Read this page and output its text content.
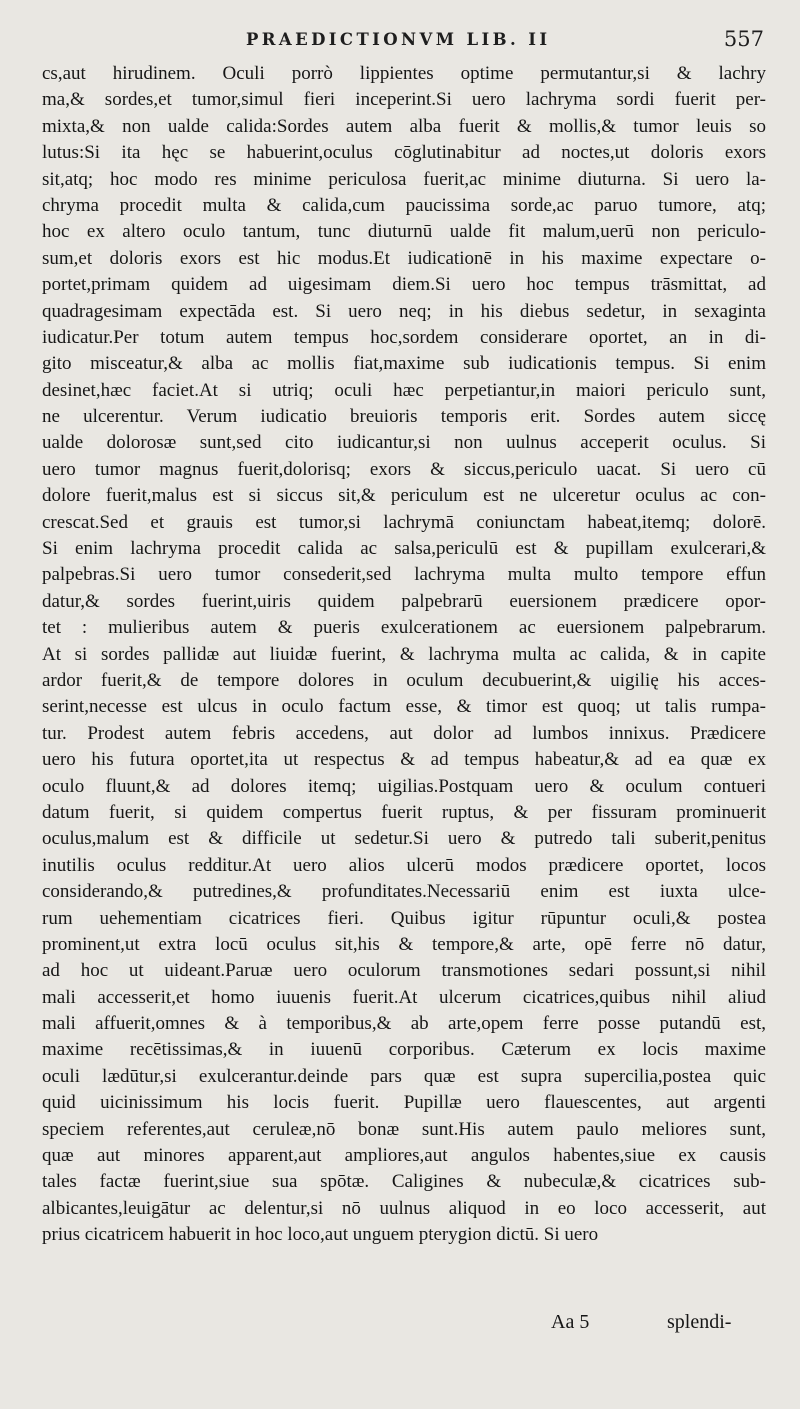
PRAEDICTIONVM LIB. II	557
cs,aut hirudinem. Oculi porrò lippientes optime permutantur,si & lachry
ma,& sordes,et tumor,simul fieri inceperint.Si uero lachryma sordi fuerit per-
mixta,& non ualde calida:Sordes autem alba fuerit & mollis,& tumor leuis so
lutus:Si ita hęc se habuerint,oculus cōglutinabitur ad noctes,ut doloris exors
sit,atq; hoc modo res minime periculosa fuerit,ac minime diuturna. Si uero la-
chryma procedit multa & calida,cum paucissima sorde,ac paruo tumore, atq;
hoc ex altero oculo tantum, tunc diuturnū ualde fit malum,uerū non periculo-
sum,et doloris exors est hic modus.Et iudicationē in his maxime expectare o-
portet,primam quidem ad uigesimam diem.Si uero hoc tempus trāsmittat, ad
quadragesimam expectāda est. Si uero neq; in his diebus sedetur, in sexaginta
iudicatur.Per totum autem tempus hoc,sordem considerare oportet, an in di-
gito misceatur,& alba ac mollis fiat,maxime sub iudicationis tempus. Si enim
desinet,hæc faciet.At si utriq; oculi hæc perpetiantur,in maiori periculo sunt,
ne ulcerentur. Verum iudicatio breuioris temporis erit. Sordes autem siccę
ualde dolorosæ sunt,sed cito iudicantur,si non uulnus acceperit oculus. Si
uero tumor magnus fuerit,dolorisq; exors & siccus,periculo uacat. Si uero cū
dolore fuerit,malus est si siccus sit,& periculum est ne ulceretur oculus ac con-
crescat.Sed et grauis est tumor,si lachrymā coniunctam habeat,itemq; dolorē.
Si enim lachryma procedit calida ac salsa,periculū est & pupillam exulcerari,&
palpebras.Si uero tumor consederit,sed lachryma multa multo tempore effun
datur,& sordes fuerint,uiris quidem palpebrarū euersionem prædicere opor-
tet : mulieribus autem & pueris exulcerationem ac euersionem palpebrarum.
At si sordes pallidæ aut liuidæ fuerint, & lachryma multa ac calida, & in capite
ardor fuerit,& de tempore dolores in oculum decubuerint,& uigilię his acces-
serint,necesse est ulcus in oculo factum esse, & timor est quoq; ut talis rumpa-
tur. Prodest autem febris accedens, aut dolor ad lumbos innixus. Prædicere
uero his futura oportet,ita ut respectus & ad tempus habeatur,& ad ea quæ ex
oculo fluunt,& ad dolores itemq; uigilias.Postquam uero & oculum contueri
datum fuerit, si quidem compertus fuerit ruptus, & per fissuram prominuerit
oculus,malum est & difficile ut sedetur.Si uero & putredo tali suberit,penitus
inutilis oculus redditur.At uero alios ulcerū modos prædicere oportet, locos
considerando,& putredines,& profunditates.Necessariū enim est iuxta ulce-
rum uehementiam cicatrices fieri. Quibus igitur rūpuntur oculi,& postea
prominent,ut extra locū oculus sit,his & tempore,& arte, opē ferre nō datur,
ad hoc ut uideant.Paruæ uero oculorum transmotiones sedari possunt,si nihil
mali accesserit,et homo iuuenis fuerit.At ulcerum cicatrices,quibus nihil aliud
mali affuerit,omnes & à temporibus,& ab arte,opem ferre posse putandū est,
maxime recētissimas,& in iuuenū corporibus. Cæterum ex locis maxime
oculi lædūtur,si exulcerantur.deinde pars quæ est supra supercilia,postea quic
quid uicinissimum his locis fuerit. Pupillæ uero flauescentes, aut argenti
speciem referentes,aut ceruleæ,nō bonæ sunt.His autem paulo meliores sunt,
quæ aut minores apparent,aut ampliores,aut angulos habentes,siue ex causis
tales factæ fuerint,siue sua spōtæ. Caligines & nubeculæ,& cicatrices sub-
albicantes,leuigātur ac delentur,si nō uulnus aliquod in eo loco accesserit, aut
prius cicatricem habuerit in hoc loco,aut unguem pterygion dictū. Si uero
Aa 5	splendi-
